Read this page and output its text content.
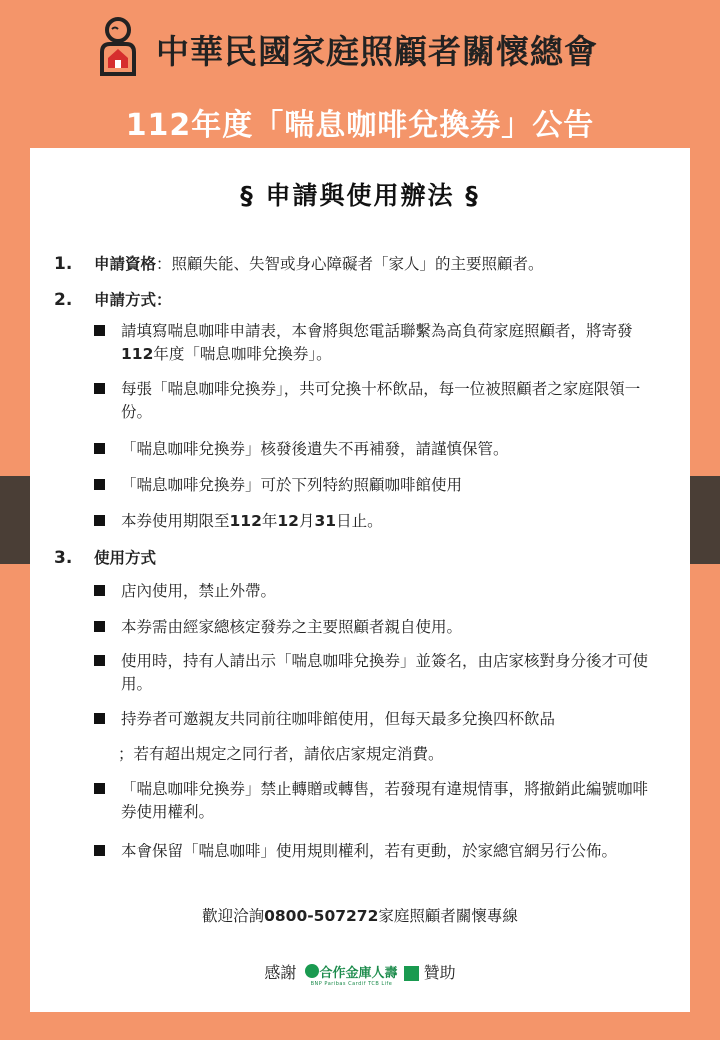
中華民國家庭照顧者關懷總會
112年度「喘息咖啡兌換券」公告
§ 申請與使用辦法 §
1. 申請資格：照顧失能、失智或身心障礙者「家人」的主要照顧者。
2. 申請方式：
請填寫喘息咖啡申請表，本會將與您電話聯繫為高負荷家庭照顧者，將寄發112年度「喘息咖啡兌換券」。
每張「喘息咖啡兌換券」，共可兌換十杯飲品，每一位被照顧者之家庭限領一份。
「喘息咖啡兌換券」核發後遺失不再補發，請謹慎保管。
「喘息咖啡兌換券」可於下列特約照顧咖啡館使用
本券使用期限至112年12月31日止。
3. 使用方式
店內使用，禁止外帶。
本券需由經家總核定發券之主要照顧者親自使用。
使用時，持有人請出示「喘息咖啡兌換券」並簽名，由店家核對身分後才可使用。
持券者可邀親友共同前往咖啡館使用，但每天最多兌換四杯飲品
；若有超出規定之同行者，請依店家規定消費。
「喘息咖啡兌換券」禁止轉贈或轉售，若發現有違規情事，將撤銷此編號咖啡券使用權利。
本會保留「喘息咖啡」使用規則權利，若有更動，於家總官網另行公佈。
歡迎洽詢0800-507272家庭照顧者關懷專線
感謝 合作金庫人壽
BNP Paribas Cardif TCB Life
贊助
